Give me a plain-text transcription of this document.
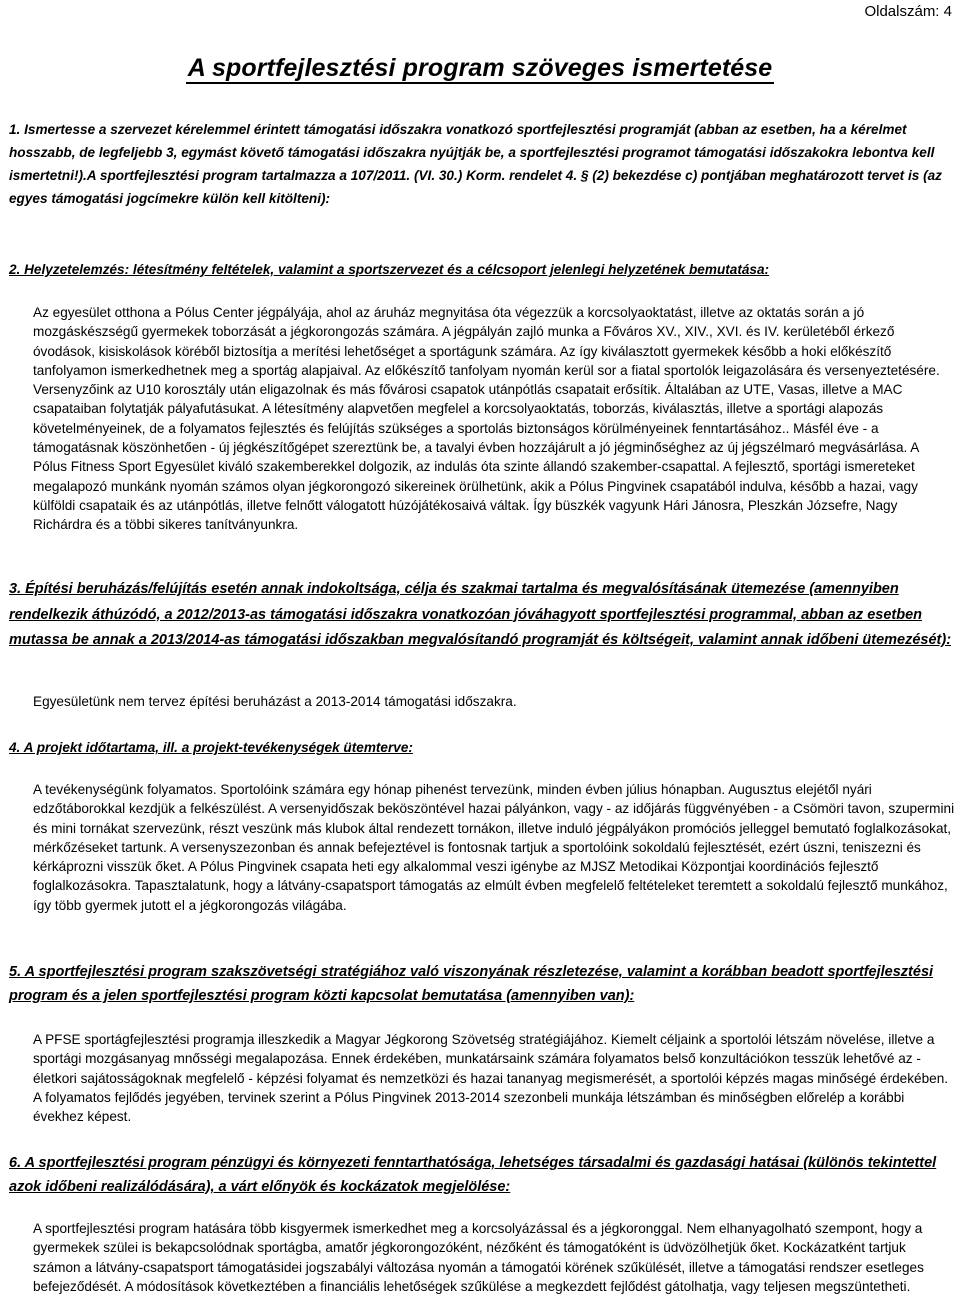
Oldalszám: 4
A sportfejlesztési program szöveges ismertetése

1. Ismertesse a szervezet kérelemmel érintett támogatási időszakra vonatkozó sportfejlesztési programját (abban az esetben, ha a kérelmet hosszabb, de legfeljebb 3, egymást követő támogatási időszakra nyújtják be, a sportfejlesztési programot támogatási időszakokra lebontva kell ismertetni!).A sportfejlesztési program tartalmazza a 107/2011. (VI. 30.) Korm. rendelet 4. § (2) bekezdése c) pontjában meghatározott tervet is (az egyes támogatási jogcímekre külön kell kitölteni):

2. Helyzetelemzés: létesítmény feltételek, valamint a sportszervezet és a célcsoport jelenlegi helyzetének bemutatása:

Az egyesület otthona a Pólus Center jégpályája, ahol az áruház megnyitása óta végezzük a korcsolyaoktatást, illetve az oktatás során a jó mozgáskészségű gyermekek toborzását a jégkorongozás számára. A jégpályán zajló munka a Főváros XV., XIV., XVI. és IV. kerületéből érkező óvodások, kisiskolások köréből biztosítja a merítési lehetőséget a sportágunk számára. Az így kiválasztott gyermekek később a hoki előkészítő tanfolyamon ismerkedhetnek meg a sportág alapjaival. Az előkészítő tanfolyam nyomán kerül sor a fiatal sportolók leigazolására és versenyeztetésére. Versenyzőink az U10 korosztály után eligazolnak és más fővárosi csapatok utánpótlás csapatait erősítik. Általában az UTE, Vasas, illetve a MAC csapataiban folytatják pályafutásukat. A létesítmény alapvetően megfelel a korcsolyaoktatás, toborzás, kiválasztás, illetve a sportági alapozás követelményeinek, de a folyamatos fejlesztés és felújítás szükséges a sportolás biztonságos körülményeinek fenntartásához.. Másfél éve - a támogatásnak köszönhetően - új jégkészítőgépet szereztünk be, a tavalyi évben hozzájárult a jó jégminőséghez az új jégszélmaró megvásárlása. A Pólus Fitness Sport Egyesület kiváló szakemberekkel dolgozik, az indulás óta szinte állandó szakember-csapattal. A fejlesztő, sportági ismereteket megalapozó munkánk nyomán számos olyan jégkorongozó sikereinek örülhetünk, akik a Pólus Pingvinek csapatából indulva, később a hazai, vagy külföldi csapataik és az utánpótlás, illetve felnőtt válogatott húzójátékosaivá váltak. Így büszkék vagyunk Hári Jánosra, Pleszkán Józsefre, Nagy Richárdra és a többi sikeres tanítványunkra.

3. Építési beruházás/felújítás esetén annak indokoltsága, célja és szakmai tartalma és megvalósításának ütemezése (amennyiben rendelkezik áthúzódó, a 2012/2013-as támogatási időszakra vonatkozóan jóváhagyott sportfejlesztési programmal, abban az esetben mutassa be annak a 2013/2014-as támogatási időszakban megvalósítandó programját és költségeit, valamint annak időbeni ütemezését):

Egyesületünk nem tervez építési beruházást a 2013-2014 támogatási időszakra.

4. A projekt időtartama, ill. a projekt-tevékenységek ütemterve:

A tevékenységünk folyamatos. Sportolóink számára egy hónap pihenést tervezünk, minden évben július hónapban. Augusztus elejétől nyári edzőtáborokkal kezdjük a felkészülést. A versenyidőszak beköszöntével hazai pályánkon, vagy - az időjárás függvényében - a Csömöri tavon, szupermini és mini tornákat szervezünk, részt veszünk más klubok által rendezett tornákon, illetve induló jégpályákon promóciós jelleggel bemutató foglalkozásokat, mérkőzéseket tartunk. A versenyszezonban és annak befejeztével is fontosnak tartjuk a sportolóink sokoldalú fejlesztését, ezért úszni, teniszezni és kérkáprozni visszük őket. A Pólus Pingvinek csapata heti egy alkalommal veszi igénybe az MJSZ Metodikai Központjai koordinációs fejlesztő foglalkozásokra. Tapasztalatunk, hogy a látvány-csapatsport támogatás az elmúlt évben megfelelő feltételeket teremtett a sokoldalú fejlesztő munkához, így több gyermek jutott el a jégkorongozás világába.

5. A sportfejlesztési program szakszövetségi stratégiához való viszonyának részletezése, valamint a korábban beadott sportfejlesztési program és a jelen sportfejlesztési program közti kapcsolat bemutatása (amennyiben van):

A PFSE sportágfejlesztési programja illeszkedik a Magyar Jégkorong Szövetség stratégiájához. Kiemelt céljaink a sportolói létszám növelése, illetve a sportági mozgásanyag mnősségi megalapozása. Ennek érdekében, munkatársaink számára folyamatos belső konzultációkon tesszük lehetővé az - életkori sajátosságoknak megfelelő - képzési folyamat és nemzetközi és hazai tananyag megismerését, a sportolói képzés magas minőségé érdekében. A folyamatos fejlődés jegyében, tervinek szerint a Pólus Pingvinek 2013-2014 szezonbeli munkája létszámban és minőségben előrelép a korábbi évekhez képest.

6. A sportfejlesztési program pénzügyi és környezeti fenntarthatósága, lehetséges társadalmi és gazdasági hatásai (különös tekintettel azok időbeni realizálódására), a várt előnyök és kockázatok megjelölése:

A sportfejlesztési program hatására több kisgyermek ismerkedhet meg a korcsolyázással és a jégkoronggal. Nem elhanyagolható szempont, hogy a gyermekek szülei is bekapcsolódnak sportágba, amatőr jégkorongozóként, nézőként és támogatóként is üdvözölhetjük őket. Kockázatként tartjuk számon a látvány-csapatsport támogatásidei jogszabályi változása nyomán a támogatói körének szűkülését, illetve a támogatási rendszer esetleges befejeződését. A módosítások következtében a financiális lehetőségek szűkülése a megkezdett fejlődést gátolhatja, vagy teljesen megszüntetheti.
